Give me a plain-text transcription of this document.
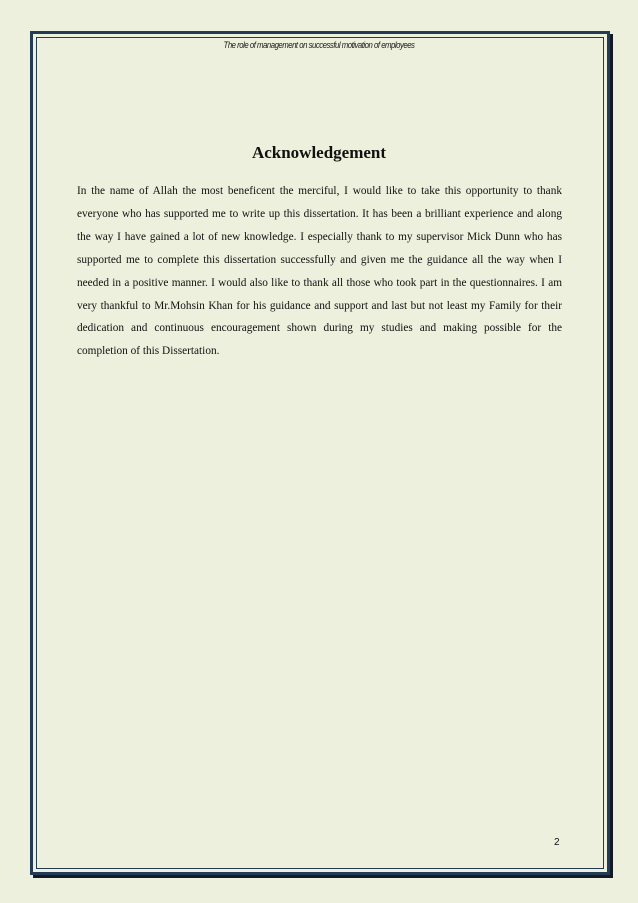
The role of management on successful motivation of employees
Acknowledgement

In the name of Allah the most beneficent the merciful, I would like to take this opportunity to thank everyone who has supported me to write up this dissertation. It has been a brilliant experience and along the way I have gained a lot of new knowledge. I especially thank to my supervisor Mick Dunn who has supported me to complete this dissertation successfully and given me the guidance all the way when I needed in a positive manner. I would also like to thank all those who took part in the questionnaires. I am very thankful to Mr.Mohsin Khan for his guidance and support and last but not least my Family for their dedication and continuous encouragement shown during my studies and making possible for the completion of this Dissertation.

2
